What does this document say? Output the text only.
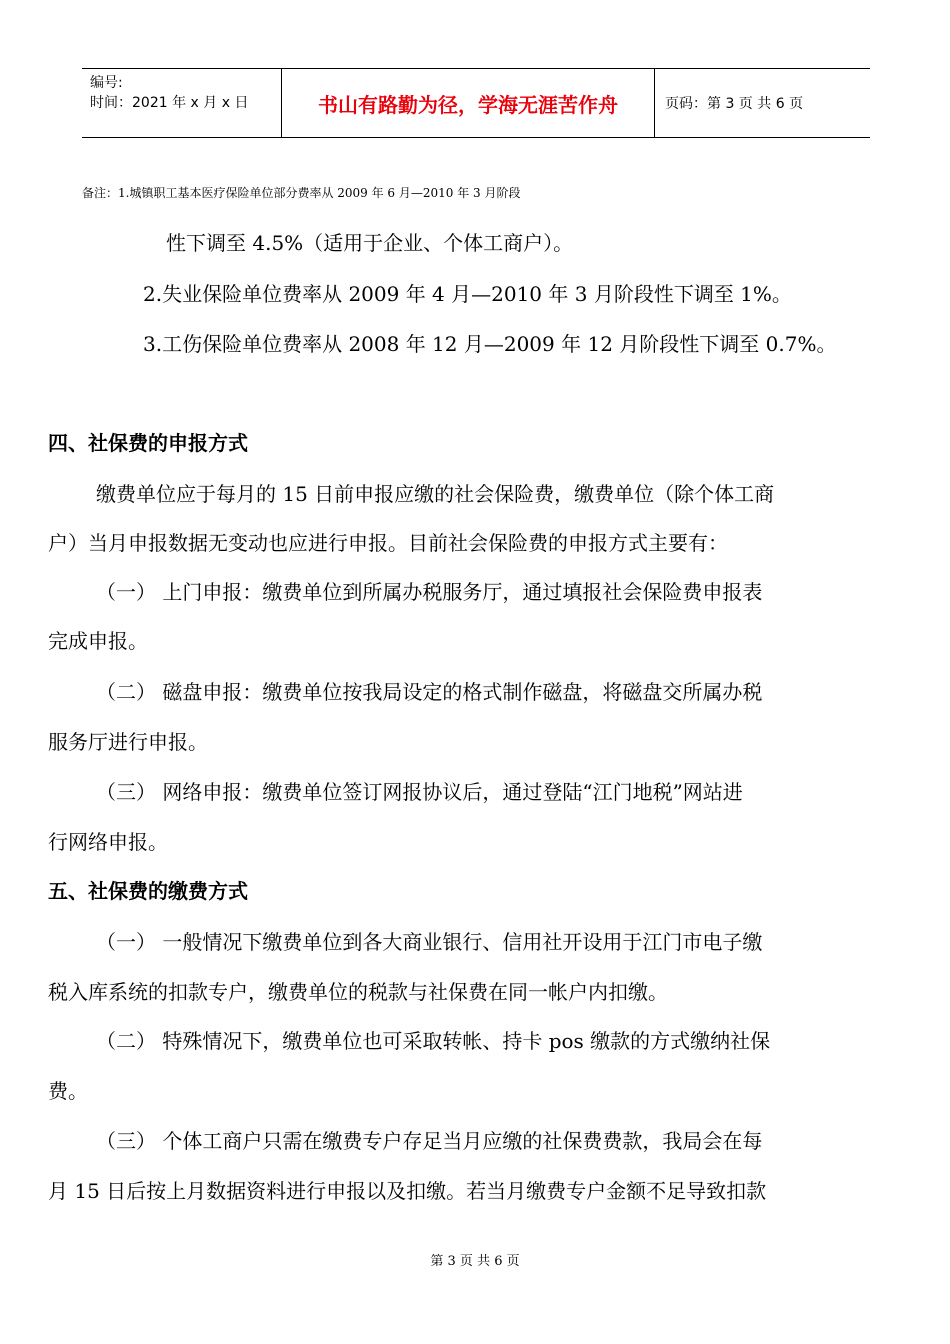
编号:
时间：2021 年 x 月 x 日	书山有路勤为径，学海无涯苦作舟	页码：第 3 页 共 6 页
备注：1.城镇职工基本医疗保险单位部分费率从 2009 年 6 月—2010 年 3 月阶段
性下调至 4.5%（适用于企业、个体工商户）。
2.失业保险单位费率从 2009 年 4 月—2010 年 3 月阶段性下调至 1%。
3.工伤保险单位费率从 2008 年 12 月—2009 年 12 月阶段性下调至 0.7%。
四、社保费的申报方式
缴费单位应于每月的 15 日前申报应缴的社会保险费，缴费单位（除个体工商
户）当月申报数据无变动也应进行申报。目前社会保险费的申报方式主要有：
（一） 上门申报：缴费单位到所属办税服务厅，通过填报社会保险费申报表
完成申报。
（二） 磁盘申报：缴费单位按我局设定的格式制作磁盘，将磁盘交所属办税
服务厅进行申报。
（三） 网络申报：缴费单位签订网报协议后，通过登陆“江门地税”网站进
行网络申报。
五、社保费的缴费方式
（一） 一般情况下缴费单位到各大商业银行、信用社开设用于江门市电子缴
税入库系统的扣款专户，缴费单位的税款与社保费在同一帐户内扣缴。
（二） 特殊情况下，缴费单位也可采取转帐、持卡 pos 缴款的方式缴纳社保
费。
（三） 个体工商户只需在缴费专户存足当月应缴的社保费费款，我局会在每
月 15 日后按上月数据资料进行申报以及扣缴。若当月缴费专户金额不足导致扣款
第 3 页 共 6 页
